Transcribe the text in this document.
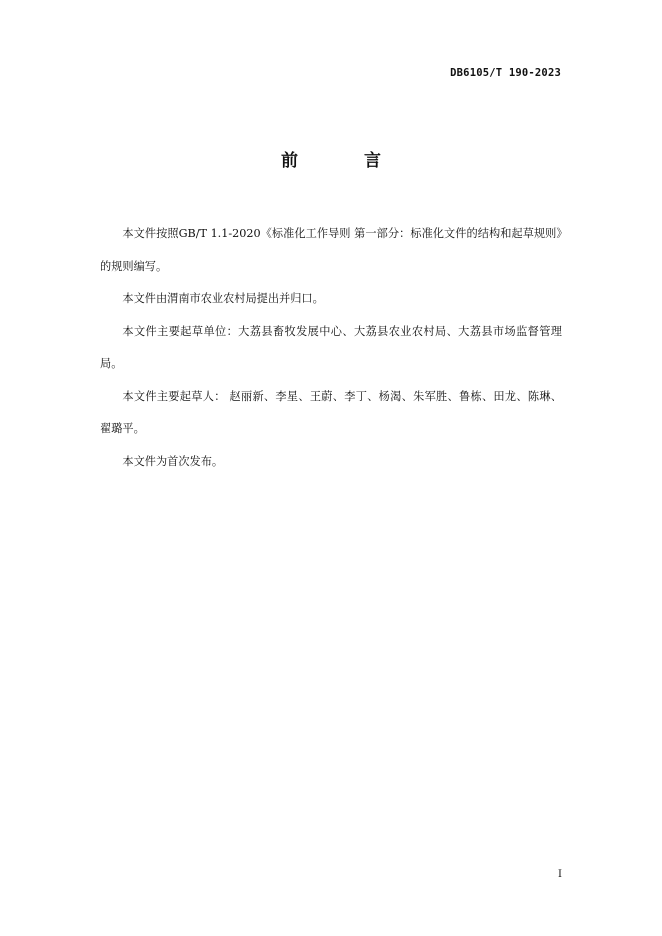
DB6105/T 190-2023
前 言

本文件按照GB/T 1.1-2020《标准化工作导则 第一部分：标准化文件的结构和起草规则》的规则编写。

本文件由渭南市农业农村局提出并归口。

本文件主要起草单位：大荔县畜牧发展中心、大荔县农业农村局、大荔县市场监督管理局。

本文件主要起草人： 赵丽新、李星、王蔚、李丁、杨渴、朱军胜、鲁栋、田龙、陈琳、翟璐平。

本文件为首次发布。

I
